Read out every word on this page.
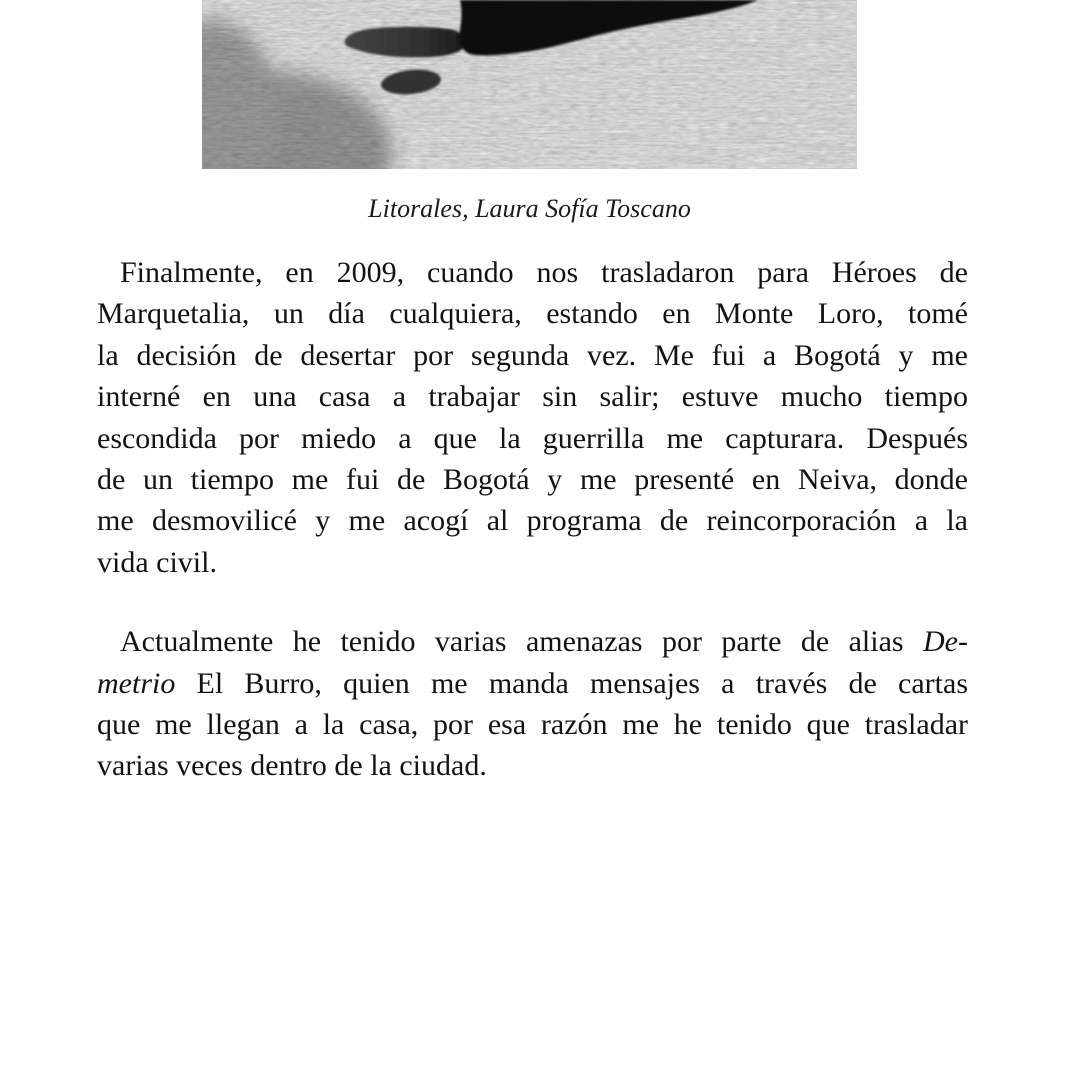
Litorales, Laura Sofía Toscano
Finalmente, en 2009, cuando nos trasladaron para Héroes de
Marquetalia, un día cualquiera, estando en Monte Loro, tomé
la decisión de desertar por segunda vez. Me fui a Bogotá y me
interné en una casa a trabajar sin salir; estuve mucho tiempo
escondida por miedo a que la guerrilla me capturara. Después
de un tiempo me fui de Bogotá y me presenté en Neiva, donde
me desmovilicé y me acogí al programa de reincorporación a la
vida civil.
Actualmente he tenido varias amenazas por parte de alias De-
metrio El Burro, quien me manda mensajes a través de cartas
que me llegan a la casa, por esa razón me he tenido que trasladar
varias veces dentro de la ciudad.
